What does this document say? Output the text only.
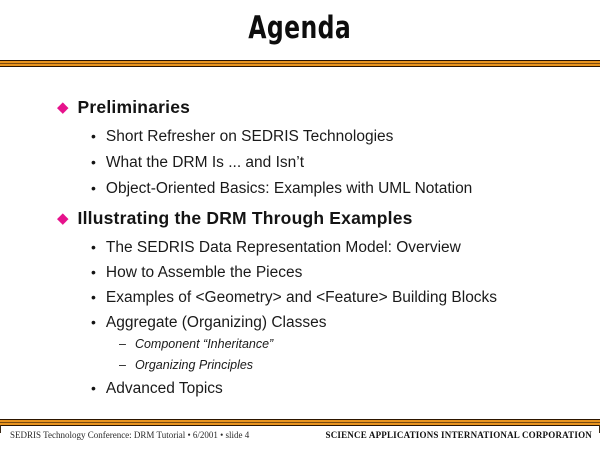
Agenda
◆ Preliminaries
• Short Refresher on SEDRIS Technologies
• What the DRM Is ... and Isn’t
• Object-Oriented Basics: Examples with UML Notation
◆ Illustrating the DRM Through Examples
• The SEDRIS Data Representation Model: Overview
• How to Assemble the Pieces
• Examples of <Geometry> and <Feature> Building Blocks
• Aggregate (Organizing) Classes
– Component “Inheritance”
– Organizing Principles
• Advanced Topics
SEDRIS Technology Conference: DRM Tutorial • 6/2001 • slide 4	SCIENCE APPLICATIONS INTERNATIONAL CORPORATION
